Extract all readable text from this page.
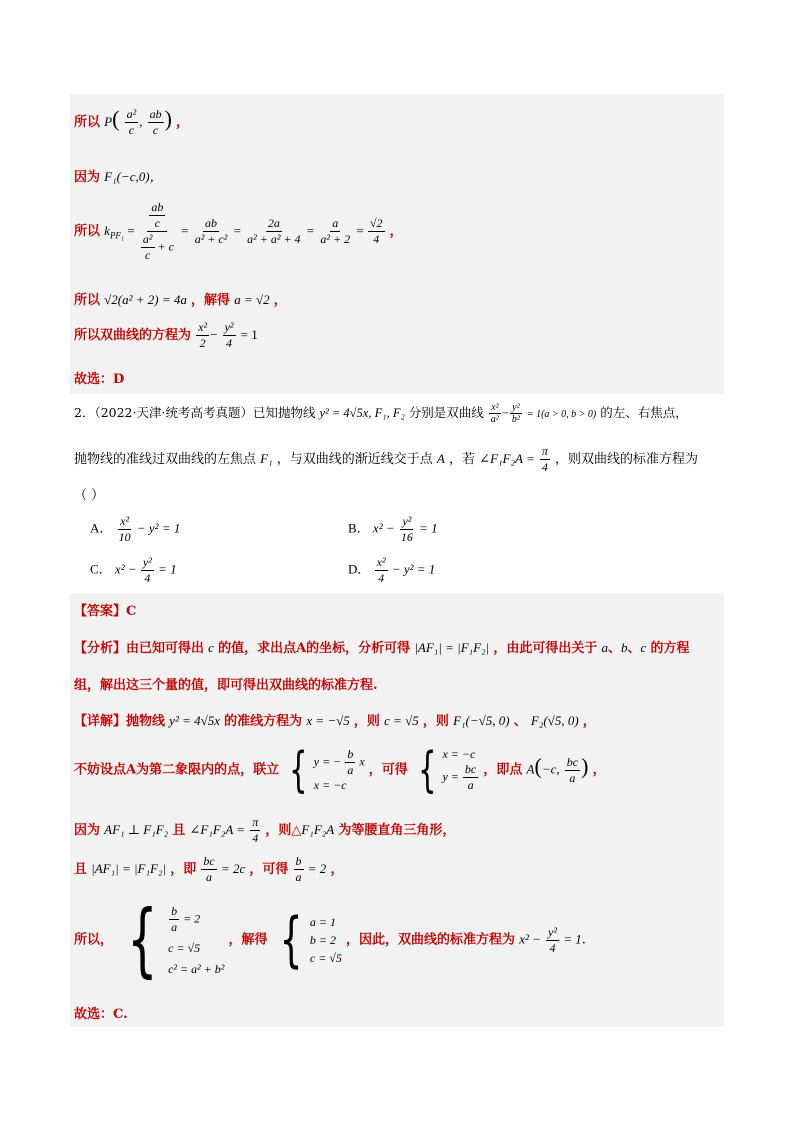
所以 $P( \frac{\text{a²}}{c}$ , $\frac{ab}{c}$ ) ，
因为 F₁(−c,0)，
所以 $k_{PF_1} = \frac{\frac{ab}{c}}{\frac{\text{a²}}{c} + c} = \frac{ab}{\text{a² + c²}} = \frac{2a}{\text{a² + a² + 4}} = \frac{a}{\text{a² + 2}} = \frac{√2}{4}$ ，
所以 √2(a² + 2) = 4a ，解得 a = √2 ，
所以双曲线的方程为 $\frac{\text{x²}}{2} - \frac{\text{y²}}{4} = 1$
故选：D
2．（2022·天津·统考高考真题）已知抛物线 y² = 4√5x, F₁, F₂ 分别是双曲线 $\frac{\text{x²}}{\text{a²}} - \frac{\text{y²}}{\text{b²}} = 1(a > 0$, b > 0) 的左、右焦点，
抛物线的准线过双曲线的左焦点 F₁ ，与双曲线的渐近线交于点 A ，若 ∠F₁F₂A = $\frac{\pi}{4}$ ，则双曲线的标准方程为
（ ）
A． $\frac{\text{x²}}{10} - y^2 = 1$	B． $x^2 - \frac{\text{y²}}{16} = 1$
C． $x^2 - \frac{\text{y²}}{4} = 1$	D． $\frac{\text{x²}}{4} - y^2 = 1$
【答案】C
【分析】由已知可得出 c 的值，求出点A的坐标，分析可得 |AF₁| = |F₁F₂| ，由此可得出关于 a、b、c 的方程
组，解出这三个量的值，即可得出双曲线的标准方程.
【详解】抛物线 y² = 4√5x 的准线方程为 x = −√5 ，则 c = √5 ，则 F₁(−√5, 0) 、 F₂(√5, 0) ，
不妨设点A为第二象限内的点，联立 { y = − $\frac{b}{a}$ x
x = −c
，可得 { x = −c
$y = \frac{bc}{a}$ ，即点 A(−c, $\frac{bc}{a}$ ) ，
因为 AF₁ ⊥ F₁F₂ 且 ∠F₁F₂A = $\frac{\pi}{4}$ ，则△F₁F₂A 为等腰直角三角形，
且 |AF₁| = |F₁F₂| ，即 $\frac{bc}{a} = 2c$ ，可得 $\frac{b}{a} = 2$ ，
所以， { $\frac{b}{a} = 2$
c = √5
c² = a² + b²
，解得 { a = 1
b = 2
c = √5
，因此，双曲线的标准方程为 $x^2 - \frac{\text{y²}}{4} = 1$.
故选：C.
